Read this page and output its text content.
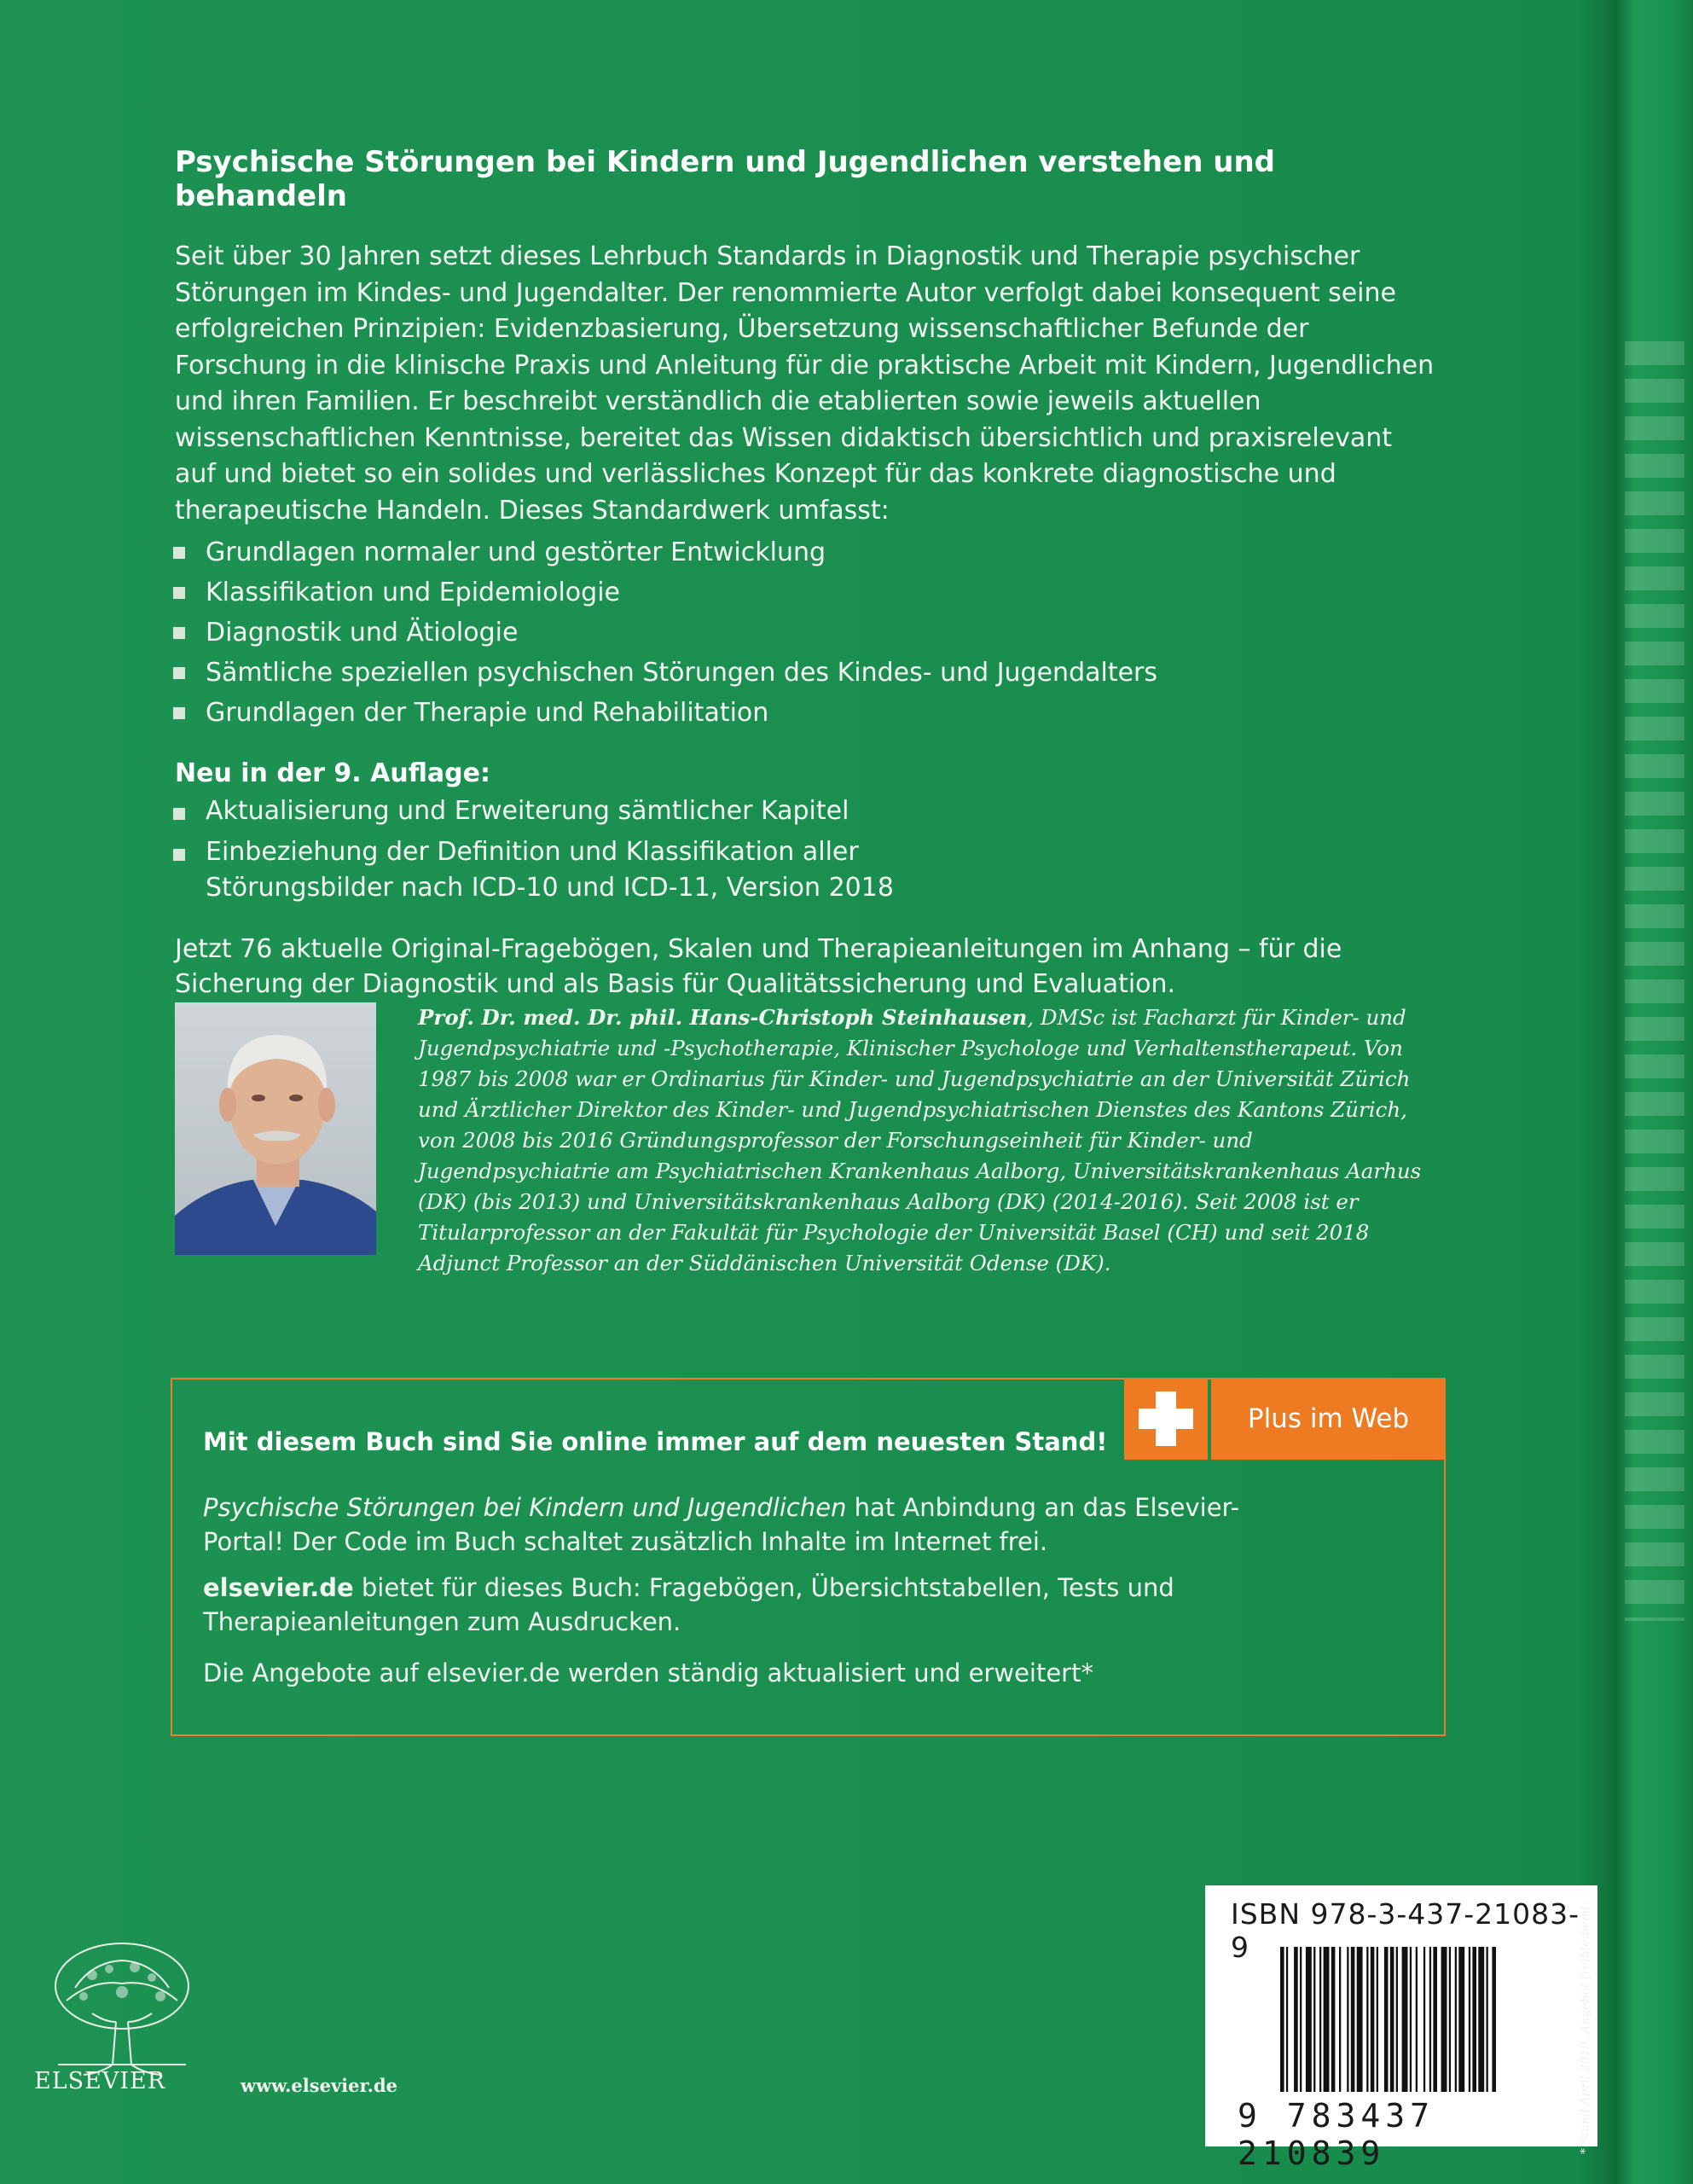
Psychische Störungen bei Kindern und Jugendlichen verstehen und behandeln

Seit über 30 Jahren setzt dieses Lehrbuch Standards in Diagnostik und Therapie psychischer Störungen im Kindes- und Jugendalter. Der renommierte Autor verfolgt dabei konsequent seine erfolgreichen Prinzipien: Evidenzbasierung, Übersetzung wissenschaftlicher Befunde der Forschung in die klinische Praxis und Anleitung für die praktische Arbeit mit Kindern, Jugendlichen und ihren Familien. Er beschreibt verständlich die etablierten sowie jeweils aktuellen wissenschaftlichen Kenntnisse, bereitet das Wissen didaktisch übersichtlich und praxisrelevant auf und bietet so ein solides und verlässliches Konzept für das konkrete diagnostische und therapeutische Handeln. Dieses Standardwerk umfasst:

Grundlagen normaler und gestörter Entwicklung
Klassifikation und Epidemiologie
Diagnostik und Ätiologie
Sämtliche speziellen psychischen Störungen des Kindes- und Jugendalters
Grundlagen der Therapie und Rehabilitation

Neu in der 9. Auflage:

Aktualisierung und Erweiterung sämtlicher Kapitel
Einbeziehung der Definition und Klassifikation aller Störungsbilder nach ICD-10 und ICD-11, Version 2018

Jetzt 76 aktuelle Original-Fragebögen, Skalen und Therapieanleitungen im Anhang – für die Sicherung der Diagnostik und als Basis für Qualitätssicherung und Evaluation.

Prof. Dr. med. Dr. phil. Hans-Christoph Steinhausen, DMSc ist Facharzt für Kinder- und Jugendpsychiatrie und -Psychotherapie, Klinischer Psychologe und Verhaltenstherapeut. Von 1987 bis 2008 war er Ordinarius für Kinder- und Jugendpsychiatrie an der Universität Zürich und Ärztlicher Direktor des Kinder- und Jugendpsychiatrischen Dienstes des Kantons Zürich, von 2008 bis 2016 Gründungsprofessor der Forschungseinheit für Kinder- und Jugendpsychiatrie am Psychiatrischen Krankenhaus Aalborg, Universitätskrankenhaus Aarhus (DK) (bis 2013) und Universitätskrankenhaus Aalborg (DK) (2014-2016). Seit 2008 ist er Titularprofessor an der Fakultät für Psychologie der Universität Basel (CH) und seit 2018 Adjunct Professor an der Süddänischen Universität Odense (DK).
Plus im Web
Mit diesem Buch sind Sie online immer auf dem neuesten Stand!

Psychische Störungen bei Kindern und Jugendlichen hat Anbindung an das Elsevier-Portal! Der Code im Buch schaltet zusätzlich Inhalte im Internet frei.

elsevier.de bietet für dieses Buch: Fragebögen, Übersichtstabellen, Tests und Therapieanleitungen zum Ausdrucken.

Die Angebote auf elsevier.de werden ständig aktualisiert und erweitert*

ISBN 978-3-437-21083-9
9 783437 210839	* Stand April 2019. Angebot freibleibend.
ELSEVIER	www.elsevier.de
